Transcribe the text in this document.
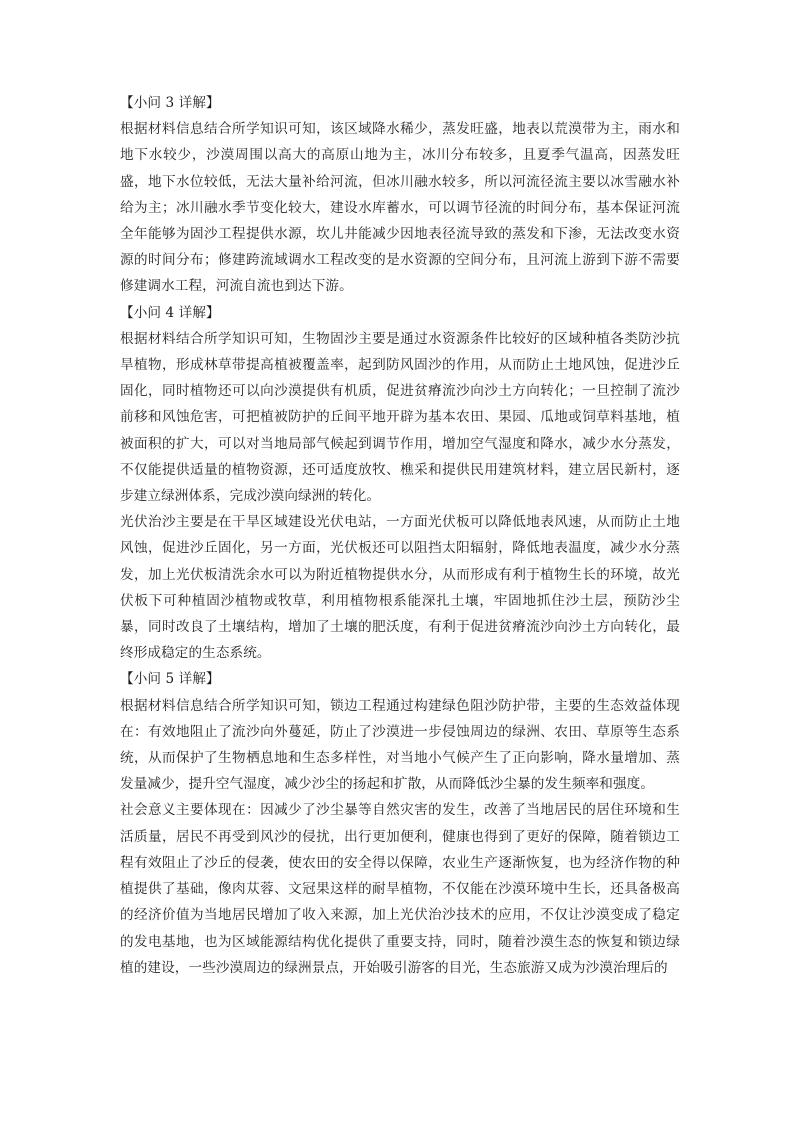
【小问 3 详解】

根据材料信息结合所学知识可知，该区域降水稀少，蒸发旺盛，地表以荒漠带为主，雨水和地下水较少，沙漠周围以高大的高原山地为主，冰川分布较多，且夏季气温高，因蒸发旺盛，地下水位较低，无法大量补给河流，但冰川融水较多，所以河流径流主要以冰雪融水补给为主；冰川融水季节变化较大，建设水库蓄水，可以调节径流的时间分布，基本保证河流全年能够为固沙工程提供水源，坎儿井能减少因地表径流导致的蒸发和下渗，无法改变水资源的时间分布；修建跨流域调水工程改变的是水资源的空间分布，且河流上游到下游不需要修建调水工程，河流自流也到达下游。

【小问 4 详解】

根据材料结合所学知识可知，生物固沙主要是通过水资源条件比较好的区域种植各类防沙抗旱植物，形成林草带提高植被覆盖率，起到防风固沙的作用，从而防止土地风蚀，促进沙丘固化，同时植物还可以向沙漠提供有机质，促进贫瘠流沙向沙土方向转化；一旦控制了流沙前移和风蚀危害，可把植被防护的丘间平地开辟为基本农田、果园、瓜地或饲草料基地，植被面积的扩大，可以对当地局部气候起到调节作用，增加空气湿度和降水，减少水分蒸发，不仅能提供适量的植物资源，还可适度放牧、樵采和提供民用建筑材料，建立居民新村，逐步建立绿洲体系，完成沙漠向绿洲的转化。

光伏治沙主要是在干旱区域建设光伏电站，一方面光伏板可以降低地表风速，从而防止土地风蚀，促进沙丘固化，另一方面，光伏板还可以阻挡太阳辐射，降低地表温度，减少水分蒸发，加上光伏板清洗余水可以为附近植物提供水分，从而形成有利于植物生长的环境，故光伏板下可种植固沙植物或牧草，利用植物根系能深扎土壤，牢固地抓住沙土层，预防沙尘暴，同时改良了土壤结构，增加了土壤的肥沃度，有利于促进贫瘠流沙向沙土方向转化，最终形成稳定的生态系统。

【小问 5 详解】

根据材料信息结合所学知识可知，锁边工程通过构建绿色阻沙防护带，主要的生态效益体现在：有效地阻止了流沙向外蔓延，防止了沙漠进一步侵蚀周边的绿洲、农田、草原等生态系统，从而保护了生物栖息地和生态多样性，对当地小气候产生了正向影响，降水量增加、蒸发量减少，提升空气湿度，减少沙尘的扬起和扩散，从而降低沙尘暴的发生频率和强度。

社会意义主要体现在：因减少了沙尘暴等自然灾害的发生，改善了当地居民的居住环境和生活质量，居民不再受到风沙的侵扰，出行更加便利，健康也得到了更好的保障，随着锁边工程有效阻止了沙丘的侵袭，使农田的安全得以保障，农业生产逐渐恢复，也为经济作物的种植提供了基础，像肉苁蓉、文冠果这样的耐旱植物，不仅能在沙漠环境中生长，还具备极高的经济价值为当地居民增加了收入来源，加上光伏治沙技术的应用，不仅让沙漠变成了稳定的发电基地，也为区域能源结构优化提供了重要支持，同时，随着沙漠生态的恢复和锁边绿植的建设，一些沙漠周边的绿洲景点，开始吸引游客的目光，生态旅游又成为沙漠治理后的
